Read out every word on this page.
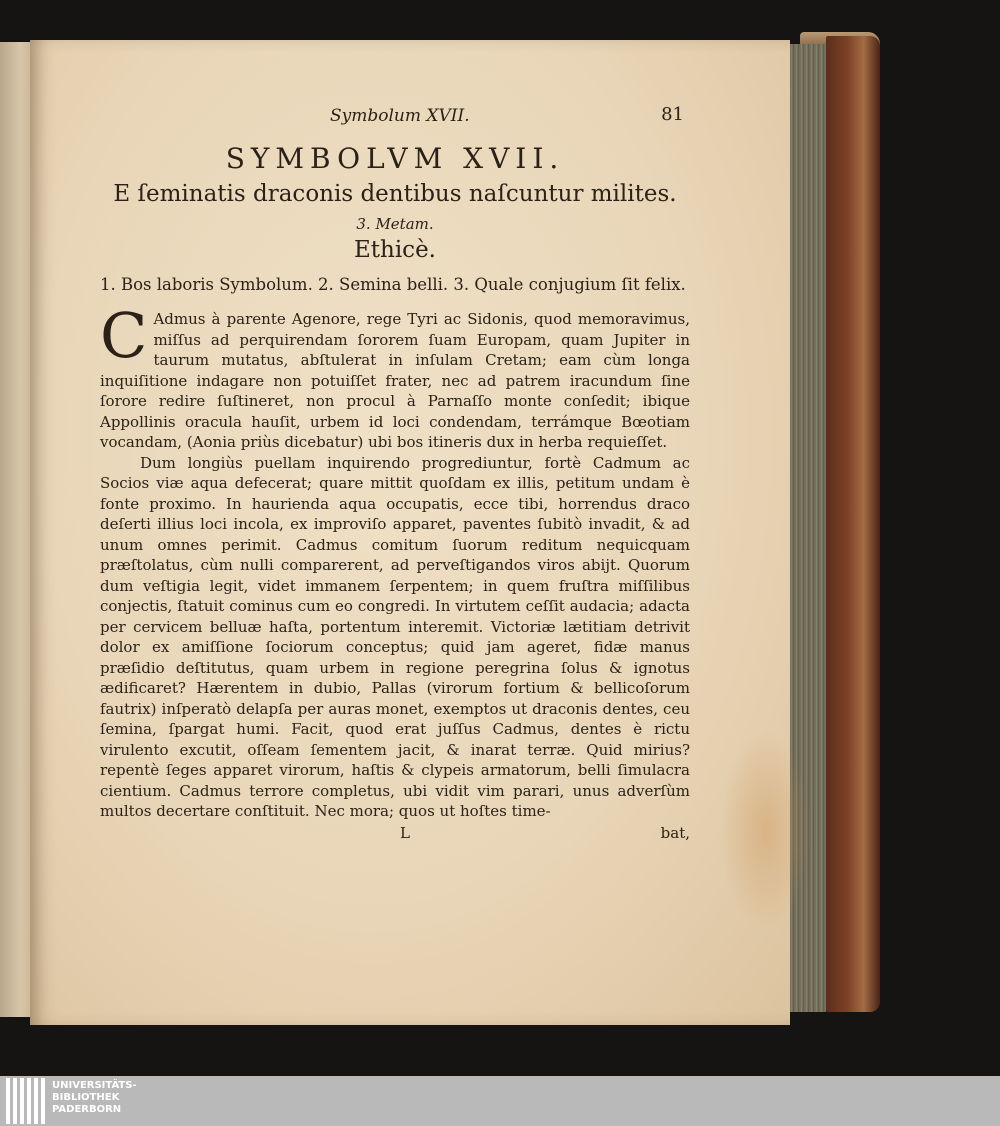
Symbolum XVII.	81
SYMBOLVM XVII.
E ſeminatis draconis dentibus naſcuntur milites.
3. Metam.
Ethicè.

1. Bos laboris Symbolum. 2. Semina belli. 3. Quale conjugium ſit felix.

C Admus à parente Agenore, rege Tyri ac Sidonis, quod memoravimus, miſſus ad perquirendam ſororem ſuam Europam, quam Jupiter in taurum mutatus, abſtulerat in inſulam Cretam; eam cùm longa inquiſitione indagare non potuiſſet frater, nec ad patrem iracundum ſine ſorore redire ſuſtineret, non procul à Parnaſſo monte conſedit; ibique Appollinis oracula hauſit, urbem id loci condendam, terrámque Bœotiam vocandam, (Aonia priùs dicebatur) ubi bos itineris dux in herba requieſſet.

Dum longiùs puellam inquirendo progrediuntur, fortè Cadmum ac Socios viæ aqua defecerat; quare mittit quoſdam ex illis, petitum undam è fonte proximo. In haurienda aqua occupatis, ecce tibi, horrendus draco deſerti illius loci incola, ex improviſo apparet, paventes ſubitò invadit, & ad unum omnes perimit. Cadmus comitum ſuorum reditum nequicquam præſtolatus, cùm nulli comparerent, ad perveſtigandos viros abijt. Quorum dum veſtigia legit, videt immanem ſerpentem; in quem fruſtra miſſilibus conjectis, ſtatuit cominus cum eo congredi. In virtutem ceſſit audacia; adacta per cervicem belluæ haſta, portentum interemit. Victoriæ lætitiam detrivit dolor ex amiſſione ſociorum conceptus; quid jam ageret, fidæ manus præſidio deſtitutus, quam urbem in regione peregrina ſolus & ignotus ædificaret? Hærentem in dubio, Pallas (virorum fortium & bellicoſorum fautrix) inſperatò delapſa per auras monet, exemptos ut draconis dentes, ceu ſemina, ſpargat humi. Facit, quod erat juſſus Cadmus, dentes è rictu virulento excutit, oſſeam ſementem jacit, & inarat terræ. Quid mirius? repentè ſeges apparet virorum, haſtis & clypeis armatorum, belli ſimulacra cientium. Cadmus terrore completus, ubi vidit vim parari, unus adverſùm multos decertare conſtituit. Nec mora; quos ut hoſtes time-

L	bat,
UNIVERSITÄTS-
BIBLIOTHEK
PADERBORN
